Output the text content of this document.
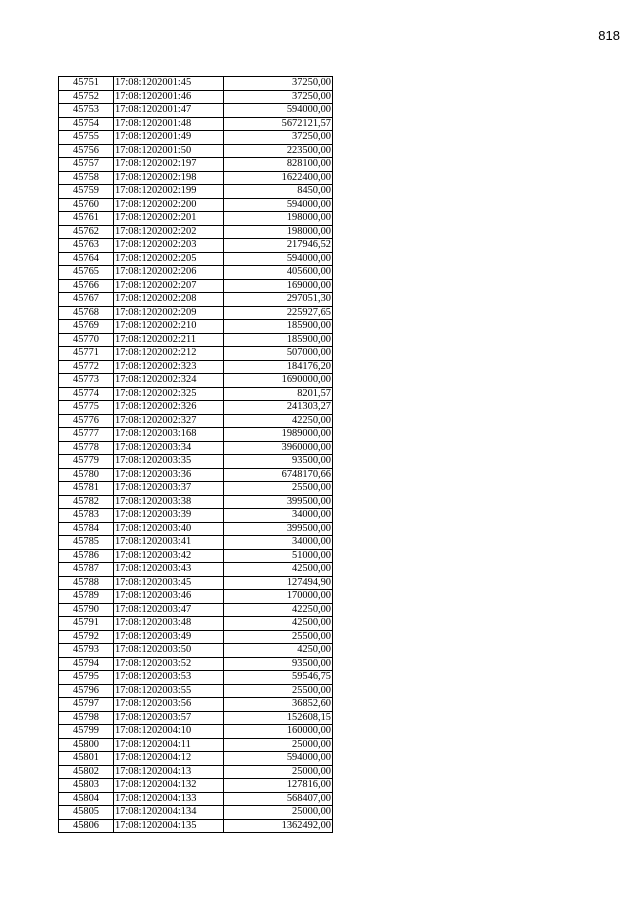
818
45751	17:08:1202001:45	37250,00
45752	17:08:1202001:46	37250,00
45753	17:08:1202001:47	594000,00
45754	17:08:1202001:48	5672121,57
45755	17:08:1202001:49	37250,00
45756	17:08:1202001:50	223500,00
45757	17:08:1202002:197	828100,00
45758	17:08:1202002:198	1622400,00
45759	17:08:1202002:199	8450,00
45760	17:08:1202002:200	594000,00
45761	17:08:1202002:201	198000,00
45762	17:08:1202002:202	198000,00
45763	17:08:1202002:203	217946,52
45764	17:08:1202002:205	594000,00
45765	17:08:1202002:206	405600,00
45766	17:08:1202002:207	169000,00
45767	17:08:1202002:208	297051,30
45768	17:08:1202002:209	225927,65
45769	17:08:1202002:210	185900,00
45770	17:08:1202002:211	185900,00
45771	17:08:1202002:212	507000,00
45772	17:08:1202002:323	184176,20
45773	17:08:1202002:324	1690000,00
45774	17:08:1202002:325	8201,57
45775	17:08:1202002:326	241303,27
45776	17:08:1202002:327	42250,00
45777	17:08:1202003:168	1989000,00
45778	17:08:1202003:34	3960000,00
45779	17:08:1202003:35	93500,00
45780	17:08:1202003:36	6748170,66
45781	17:08:1202003:37	25500,00
45782	17:08:1202003:38	399500,00
45783	17:08:1202003:39	34000,00
45784	17:08:1202003:40	399500,00
45785	17:08:1202003:41	34000,00
45786	17:08:1202003:42	51000,00
45787	17:08:1202003:43	42500,00
45788	17:08:1202003:45	127494,90
45789	17:08:1202003:46	170000,00
45790	17:08:1202003:47	42250,00
45791	17:08:1202003:48	42500,00
45792	17:08:1202003:49	25500,00
45793	17:08:1202003:50	4250,00
45794	17:08:1202003:52	93500,00
45795	17:08:1202003:53	59546,75
45796	17:08:1202003:55	25500,00
45797	17:08:1202003:56	36852,60
45798	17:08:1202003:57	152608,15
45799	17:08:1202004:10	160000,00
45800	17:08:1202004:11	25000,00
45801	17:08:1202004:12	594000,00
45802	17:08:1202004:13	25000,00
45803	17:08:1202004:132	127816,00
45804	17:08:1202004:133	568407,00
45805	17:08:1202004:134	25000,00
45806	17:08:1202004:135	1362492,00
